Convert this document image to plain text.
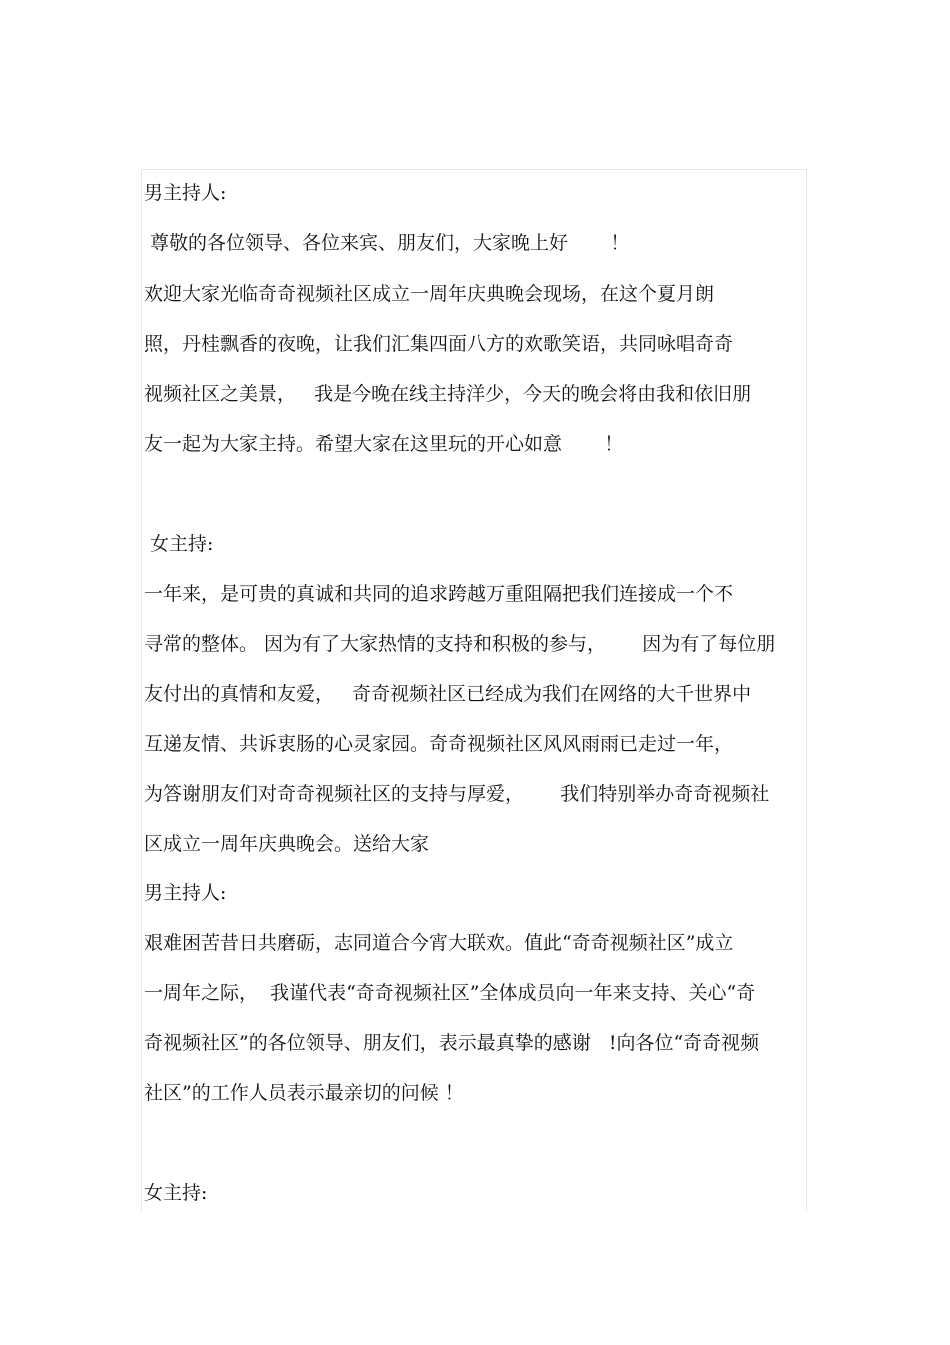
男主持人:
尊敬的各位领导、各位来宾、朋友们，大家晚上好       ！
欢迎大家光临奇奇视频社区成立一周年庆典晚会现场，在这个夏月朗
照，丹桂飘香的夜晚，让我们汇集四面八方的欢歌笑语，共同咏唱奇奇
视频社区之美景，   我是今晚在线主持洋少，今天的晚会将由我和依旧朋
友一起为大家主持。希望大家在这里玩的开心如意       ！
女主持:
一年来，是可贵的真诚和共同的追求跨越万重阻隔把我们连接成一个不
寻常的整体。 因为有了大家热情的支持和积极的参与，      因为有了每位朋
友付出的真情和友爱，   奇奇视频社区已经成为我们在网络的大千世界中
互递友情、共诉衷肠的心灵家园。奇奇视频社区风风雨雨已走过一年，
为答谢朋友们对奇奇视频社区的支持与厚爱，      我们特别举办奇奇视频社
区成立一周年庆典晚会。送给大家
男主持人:
艰难困苦昔日共磨砺，志同道合今宵大联欢。值此“奇奇视频社区”成立
一周年之际，  我谨代表“奇奇视频社区”全体成员向一年来支持、关心“奇
奇视频社区”的各位领导、朋友们，表示最真挚的感谢   !向各位“奇奇视频
社区”的工作人员表示最亲切的问候 ！
女主持:
